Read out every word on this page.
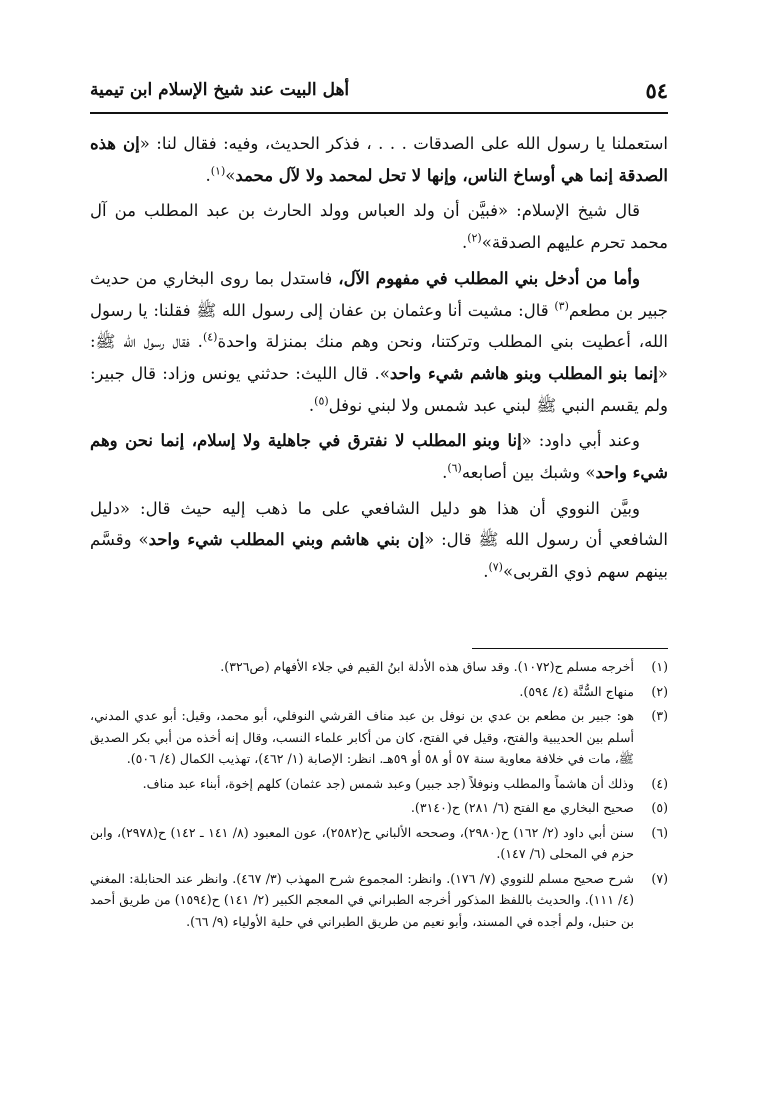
٥٤
أهل البيت عند شيخ الإسلام ابن تيمية

استعملنا يا رسول الله على الصدقات . . . ، فذكر الحديث، وفيه: فقال لنا: «إن هذه الصدقة إنما هي أوساخ الناس، وإنها لا تحل لمحمد ولا لآل محمد»$^{(١)}$.

قال شيخ الإسلام: «فبيَّن أن ولد العباس وولد الحارث بن عبد المطلب من آل محمد تحرم عليهم الصدقة»$^{(٢)}$.

وأما من أدخل بني المطلب في مفهوم الآل، فاستدل بما روى البخاري من حديث جبير بن مطعم$^{(٣)}$ قال: مشيت أنا وعثمان بن عفان إلى رسول الله ﷺ فقلنا: يا رسول الله، أعطيت بني المطلب وتركتنا، ونحن وهم منك بمنزلة واحدة$^{(٤)}$. فقال رسول الله ﷺ: «إنما بنو المطلب وبنو هاشم شيء واحد». قال الليث: حدثني يونس وزاد: قال جبير: ولم يقسم النبي ﷺ لبني عبد شمس ولا لبني نوفل$^{(٥)}$.

وعند أبي داود: «إنا وبنو المطلب لا نفترق في جاهلية ولا إسلام، إنما نحن وهم شيء واحد» وشبك بين أصابعه$^{(٦)}$.

وبيَّن النووي أن هذا هو دليل الشافعي على ما ذهب إليه حيث قال: «دليل الشافعي أن رسول الله ﷺ قال: «إن بني هاشم وبني المطلب شيء واحد» وقسَّم بينهم سهم ذوي القربى»$^{(٧)}$.

(١)
أخرجه مسلم ح(١٠٧٢). وقد ساق هذه الأدلة ابنُ القيم في جلاء الأفهام (ص٣٢٦).
(٢)
منهاج السُّنَّة (٤/ ٥٩٤).
(٣)
هو: جبير بن مطعم بن عدي بن نوفل بن عبد مناف القرشي النوفلي، أبو محمد، وقيل: أبو عدي المدني، أسلم بين الحديبية والفتح، وقيل في الفتح، كان من أكابر علماء النسب، وقال إنه أخذه من أبي بكر الصديق ﷺ، مات في خلافة معاوية سنة ٥٧ أو ٥٨ أو ٥٩هـ. انظر: الإصابة (١/ ٤٦٢)، تهذيب الكمال (٤/ ٥٠٦).
(٤)
وذلك أن هاشماً والمطلب ونوفلاً (جد جبير) وعبد شمس (جد عثمان) كلهم إخوة، أبناء عبد مناف.
(٥)
صحيح البخاري مع الفتح (٦/ ٢٨١) ح(٣١٤٠).
(٦)
سنن أبي داود (٢/ ١٦٢) ح(٢٩٨٠)، وصححه الألباني ح(٢٥٨٢)، عون المعبود (٨/ ١٤١ ـ ١٤٢) ح(٢٩٧٨)، وابن حزم في المحلى (٦/ ١٤٧).
(٧)
شرح صحيح مسلم للنووي (٧/ ١٧٦). وانظر: المجموع شرح المهذب (٣/ ٤٦٧). وانظر عند الحنابلة: المغني (٤/ ١١١). والحديث باللفظ المذكور أخرجه الطبراني في المعجم الكبير (٢/ ١٤١) ح(١٥٩٤) من طريق أحمد بن حنبل، ولم أجده في المسند، وأبو نعيم من طريق الطبراني في حلية الأولياء (٩/ ٦٦).
